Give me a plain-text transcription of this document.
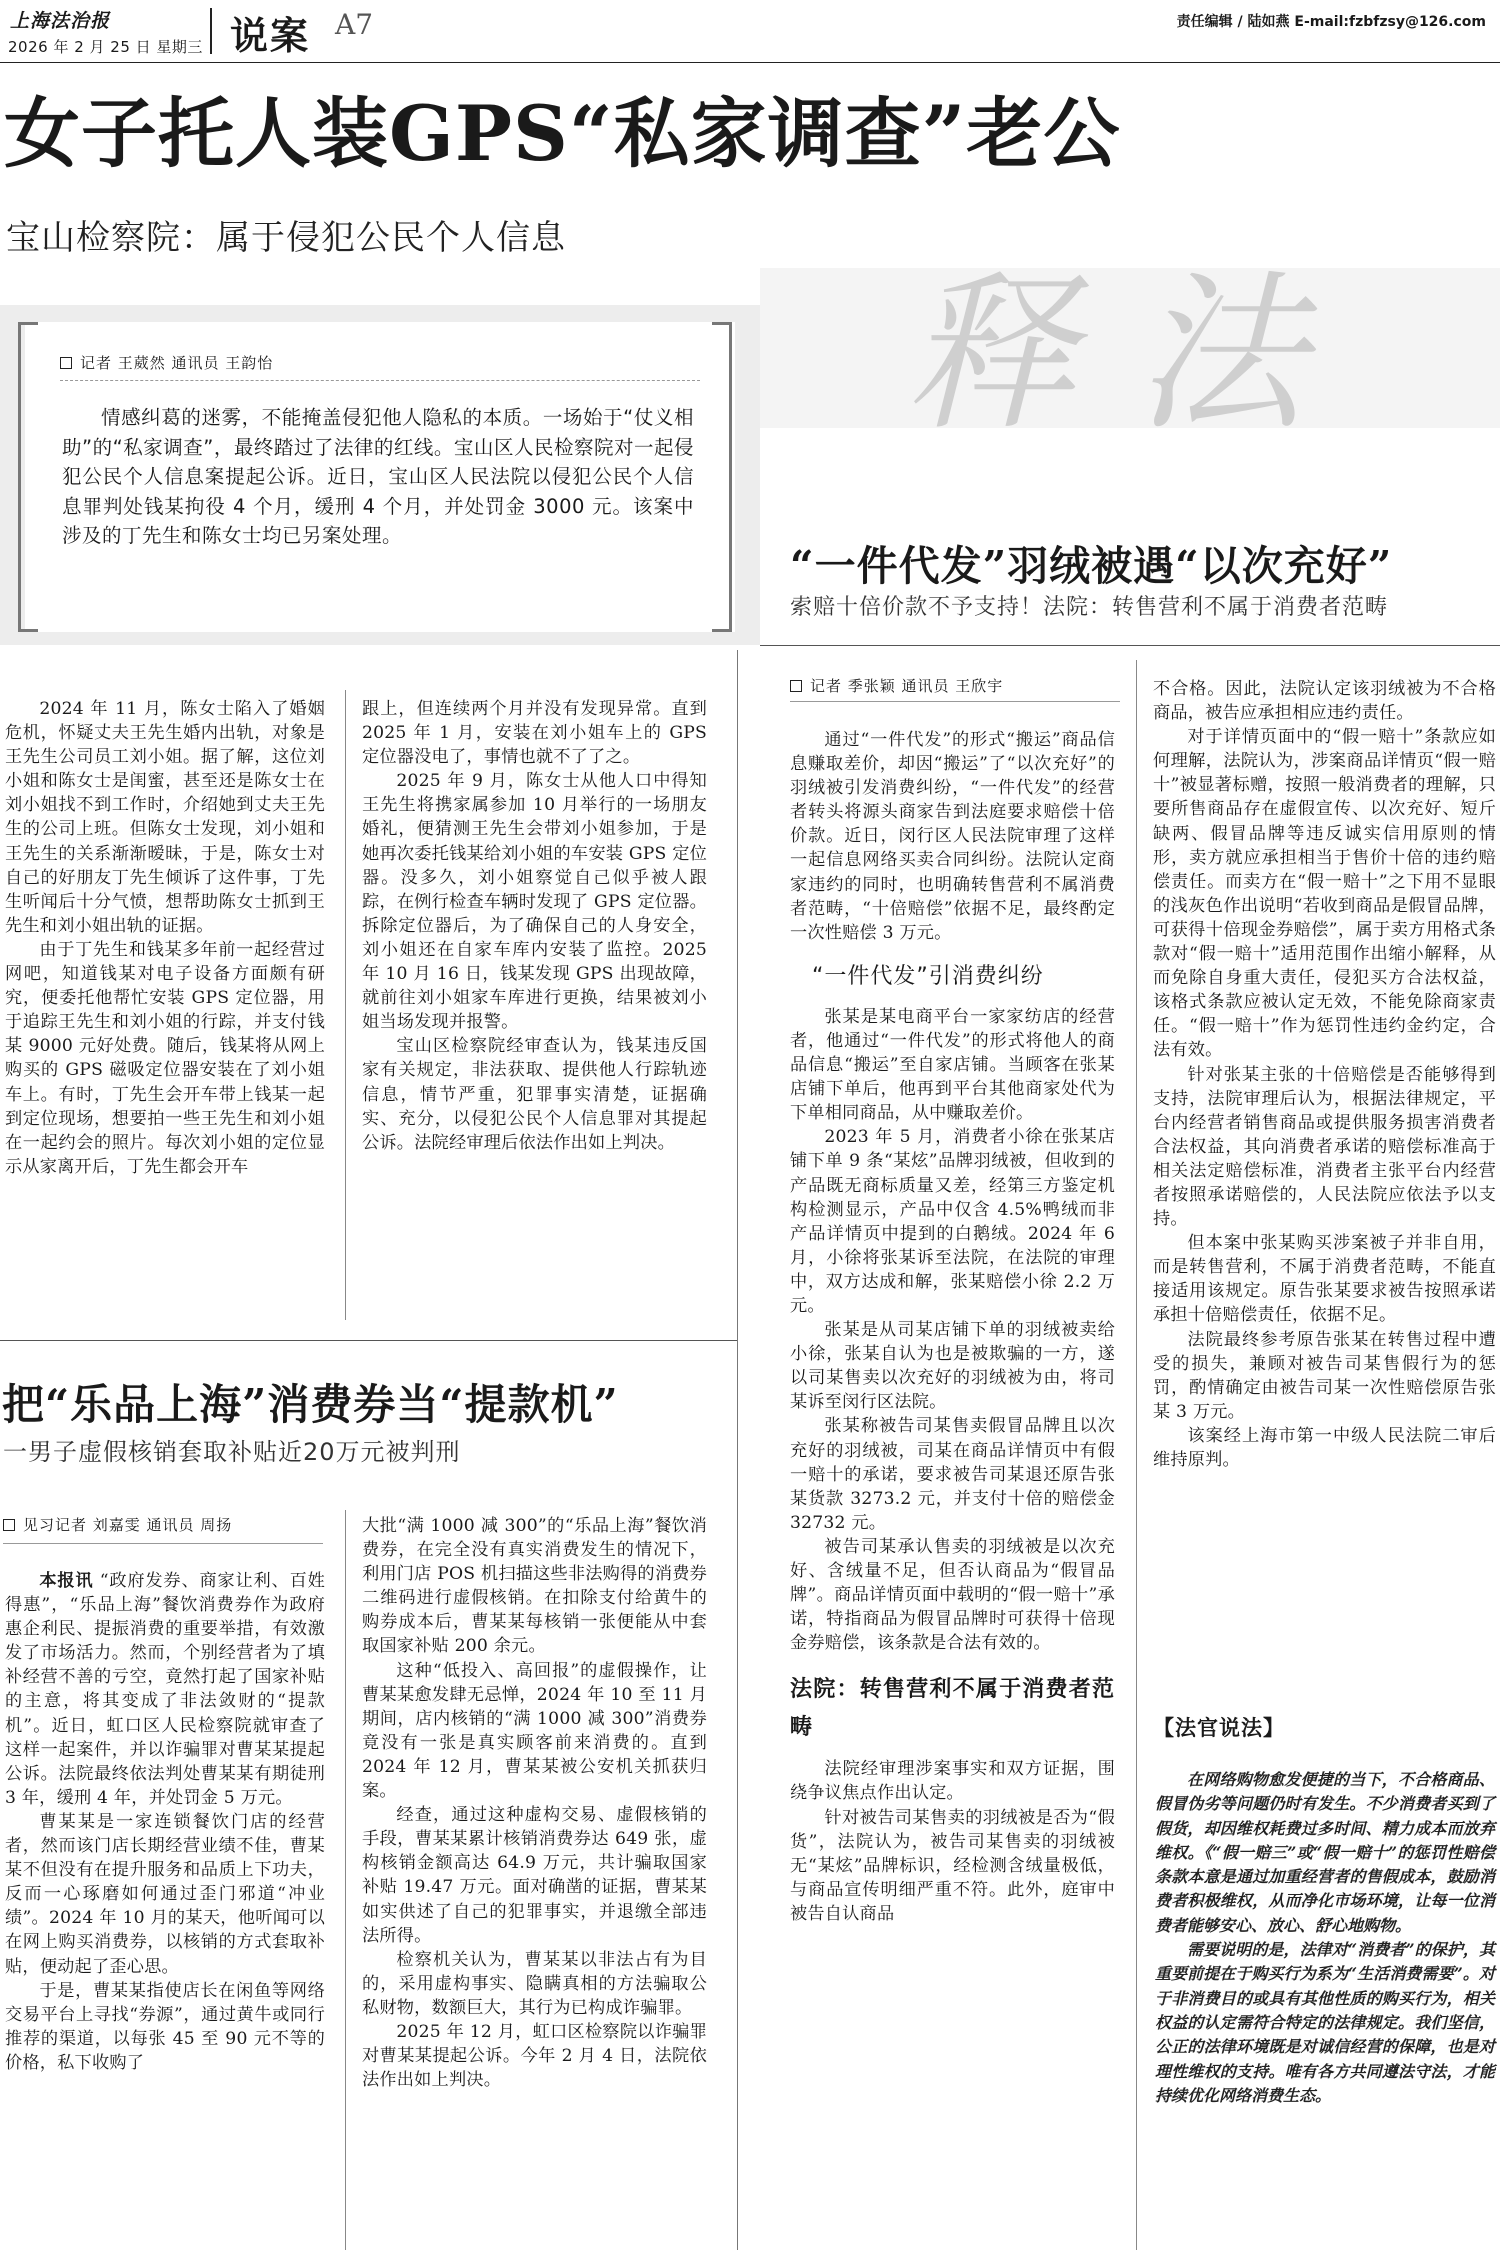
上海法治报
2026 年 2 月 25 日 星期三 说案 A7	责任编辑 / 陆如燕 E-mail:fzbfzsy@126.com
女子托人装GPS“私家调查”老公
宝山检察院：属于侵犯公民个人信息
释法
记者 王葳然 通讯员 王韵怡
情感纠葛的迷雾，不能掩盖侵犯他人隐私的本质。一场始于“仗义相助”的“私家调查”，最终踏过了法律的红线。宝山区人民检察院对一起侵犯公民个人信息案提起公诉。近日，宝山区人民法院以侵犯公民个人信息罪判处钱某拘役 4 个月，缓刑 4 个月，并处罚金 3000 元。该案中涉及的丁先生和陈女士均已另案处理。

2024 年 11 月，陈女士陷入了婚姻危机，怀疑丈夫王先生婚内出轨，对象是王先生公司员工刘小姐。据了解，这位刘小姐和陈女士是闺蜜，甚至还是陈女士在刘小姐找不到工作时，介绍她到丈夫王先生的公司上班。但陈女士发现，刘小姐和王先生的关系渐渐暧昧，于是，陈女士对自己的好朋友丁先生倾诉了这件事，丁先生听闻后十分气愤，想帮助陈女士抓到王先生和刘小姐出轨的证据。

由于丁先生和钱某多年前一起经营过网吧，知道钱某对电子设备方面颇有研究，便委托他帮忙安装 GPS 定位器，用于追踪王先生和刘小姐的行踪，并支付钱某 9000 元好处费。随后，钱某将从网上购买的 GPS 磁吸定位器安装在了刘小姐车上。有时，丁先生会开车带上钱某一起到定位现场，想要拍一些王先生和刘小姐在一起约会的照片。每次刘小姐的定位显示从家离开后，丁先生都会开车

跟上，但连续两个月并没有发现异常。直到 2025 年 1 月，安装在刘小姐车上的 GPS 定位器没电了，事情也就不了了之。

2025 年 9 月，陈女士从他人口中得知王先生将携家属参加 10 月举行的一场朋友婚礼，便猜测王先生会带刘小姐参加，于是她再次委托钱某给刘小姐的车安装 GPS 定位器。没多久，刘小姐察觉自己似乎被人跟踪，在例行检查车辆时发现了 GPS 定位器。拆除定位器后，为了确保自己的人身安全，刘小姐还在自家车库内安装了监控。2025 年 10 月 16 日，钱某发现 GPS 出现故障，就前往刘小姐家车库进行更换，结果被刘小姐当场发现并报警。

宝山区检察院经审查认为，钱某违反国家有关规定，非法获取、提供他人行踪轨迹信息，情节严重，犯罪事实清楚，证据确实、充分，以侵犯公民个人信息罪对其提起公诉。法院经审理后依法作出如上判决。

把“乐品上海”消费券当“提款机”
一男子虚假核销套取补贴近20万元被判刑
见习记者 刘嘉雯 通讯员 周扬

本报讯 “政府发券、商家让利、百姓得惠”，“乐品上海”餐饮消费券作为政府惠企利民、提振消费的重要举措，有效激发了市场活力。然而，个别经营者为了填补经营不善的亏空，竟然打起了国家补贴的主意，将其变成了非法敛财的“提款机”。近日，虹口区人民检察院就审查了这样一起案件，并以诈骗罪对曹某某提起公诉。法院最终依法判处曹某某有期徒刑 3 年，缓刑 4 年，并处罚金 5 万元。

曹某某是一家连锁餐饮门店的经营者，然而该门店长期经营业绩不佳，曹某某不但没有在提升服务和品质上下功夫，反而一心琢磨如何通过歪门邪道“冲业绩”。2024 年 10 月的某天，他听闻可以在网上购买消费券，以核销的方式套取补贴，便动起了歪心思。

于是，曹某某指使店长在闲鱼等网络交易平台上寻找“券源”，通过黄牛或同行推荐的渠道，以每张 45 至 90 元不等的价格，私下收购了

大批“满 1000 减 300”的“乐品上海”餐饮消费券，在完全没有真实消费发生的情况下，利用门店 POS 机扫描这些非法购得的消费券二维码进行虚假核销。在扣除支付给黄牛的购券成本后，曹某某每核销一张便能从中套取国家补贴 200 余元。

这种“低投入、高回报”的虚假操作，让曹某某愈发肆无忌惮，2024 年 10 至 11 月期间，店内核销的“满 1000 减 300”消费券竟没有一张是真实顾客前来消费的。直到 2024 年 12 月，曹某某被公安机关抓获归案。

经查，通过这种虚构交易、虚假核销的手段，曹某某累计核销消费券达 649 张，虚构核销金额高达 64.9 万元，共计骗取国家补贴 19.47 万元。面对确凿的证据，曹某某如实供述了自己的犯罪事实，并退缴全部违法所得。

检察机关认为，曹某某以非法占有为目的，采用虚构事实、隐瞒真相的方法骗取公私财物，数额巨大，其行为已构成诈骗罪。

2025 年 12 月，虹口区检察院以诈骗罪对曹某某提起公诉。今年 2 月 4 日，法院依法作出如上判决。

“一件代发”羽绒被遇“以次充好”
索赔十倍价款不予支持！法院：转售营利不属于消费者范畴
记者 季张颖 通讯员 王欣宇

通过“一件代发”的形式“搬运”商品信息赚取差价，却因“搬运”了“以次充好”的羽绒被引发消费纠纷，“一件代发”的经营者转头将源头商家告到法庭要求赔偿十倍价款。近日，闵行区人民法院审理了这样一起信息网络买卖合同纠纷。法院认定商家违约的同时，也明确转售营利不属消费者范畴，“十倍赔偿”依据不足，最终酌定一次性赔偿 3 万元。

“一件代发”引消费纠纷

张某是某电商平台一家家纺店的经营者，他通过“一件代发”的形式将他人的商品信息“搬运”至自家店铺。当顾客在张某店铺下单后，他再到平台其他商家处代为下单相同商品，从中赚取差价。

2023 年 5 月，消费者小徐在张某店铺下单 9 条“某炫”品牌羽绒被，但收到的产品既无商标质量又差，经第三方鉴定机构检测显示，产品中仅含 4.5%鸭绒而非产品详情页中提到的白鹅绒。2024 年 6 月，小徐将张某诉至法院，在法院的审理中，双方达成和解，张某赔偿小徐 2.2 万元。

张某是从司某店铺下单的羽绒被卖给小徐，张某自认为也是被欺骗的一方，遂以司某售卖以次充好的羽绒被为由，将司某诉至闵行区法院。

张某称被告司某售卖假冒品牌且以次充好的羽绒被，司某在商品详情页中有假一赔十的承诺，要求被告司某退还原告张某货款 3273.2 元，并支付十倍的赔偿金 32732 元。

被告司某承认售卖的羽绒被是以次充好、含绒量不足，但否认商品为“假冒品牌”。商品详情页面中载明的“假一赔十”承诺，特指商品为假冒品牌时可获得十倍现金券赔偿，该条款是合法有效的。

法院：转售营利不属于消费者范畴

法院经审理涉案事实和双方证据，围绕争议焦点作出认定。

针对被告司某售卖的羽绒被是否为“假货”，法院认为，被告司某售卖的羽绒被无“某炫”品牌标识，经检测含绒量极低，与商品宣传明细严重不符。此外，庭审中被告自认商品

不合格。因此，法院认定该羽绒被为不合格商品，被告应承担相应违约责任。

对于详情页面中的“假一赔十”条款应如何理解，法院认为，涉案商品详情页“假一赔十”被显著标赠，按照一般消费者的理解，只要所售商品存在虚假宣传、以次充好、短斤缺两、假冒品牌等违反诚实信用原则的情形，卖方就应承担相当于售价十倍的违约赔偿责任。而卖方在“假一赔十”之下用不显眼的浅灰色作出说明“若收到商品是假冒品牌，可获得十倍现金券赔偿”，属于卖方用格式条款对“假一赔十”适用范围作出缩小解释，从而免除自身重大责任，侵犯买方合法权益，该格式条款应被认定无效，不能免除商家责任。“假一赔十”作为惩罚性违约金约定，合法有效。

针对张某主张的十倍赔偿是否能够得到支持，法院审理后认为，根据法律规定，平台内经营者销售商品或提供服务损害消费者合法权益，其向消费者承诺的赔偿标准高于相关法定赔偿标准，消费者主张平台内经营者按照承诺赔偿的，人民法院应依法予以支持。

但本案中张某购买涉案被子并非自用，而是转售营利，不属于消费者范畴，不能直接适用该规定。原告张某要求被告按照承诺承担十倍赔偿责任，依据不足。

法院最终参考原告张某在转售过程中遭受的损失，兼顾对被告司某售假行为的惩罚，酌情确定由被告司某一次性赔偿原告张某 3 万元。

该案经上海市第一中级人民法院二审后维持原判。

【法官说法】

在网络购物愈发便捷的当下，不合格商品、假冒伪劣等问题仍时有发生。不少消费者买到了假货，却因维权耗费过多时间、精力成本而放弃维权。《“假一赔三”或“假一赔十”的惩罚性赔偿条款本意是通过加重经营者的售假成本，鼓励消费者积极维权，从而净化市场环境，让每一位消费者能够安心、放心、舒心地购物。

需要说明的是，法律对“消费者”的保护，其重要前提在于购买行为系为“生活消费需要”。对于非消费目的或具有其他性质的购买行为，相关权益的认定需符合特定的法律规定。我们坚信，公正的法律环境既是对诚信经营的保障，也是对理性维权的支持。唯有各方共同遵法守法，才能持续优化网络消费生态。
